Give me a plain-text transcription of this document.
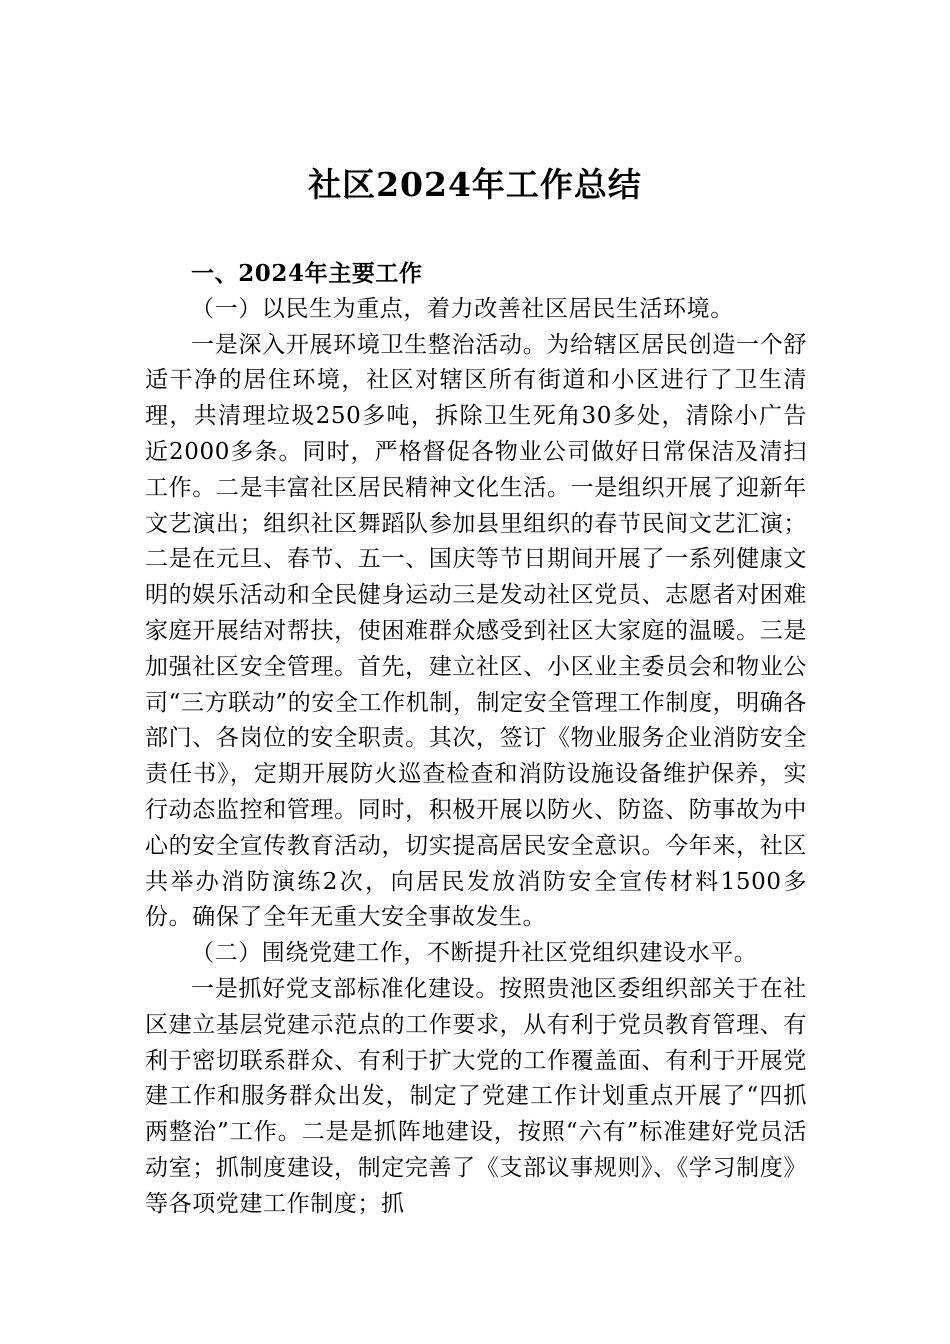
社区2024年工作总结

一、2024年主要工作

（一）以民生为重点，着力改善社区居民生活环境。

一是深入开展环境卫生整治活动。为给辖区居民创造一个舒适干净的居住环境，社区对辖区所有街道和小区进行了卫生清理，共清理垃圾250多吨，拆除卫生死角30多处，清除小广告近2000多条。同时，严格督促各物业公司做好日常保洁及清扫工作。二是丰富社区居民精神文化生活。一是组织开展了迎新年文艺演出；组织社区舞蹈队参加县里组织的春节民间文艺汇演；二是在元旦、春节、五一、国庆等节日期间开展了一系列健康文明的娱乐活动和全民健身运动三是发动社区党员、志愿者对困难家庭开展结对帮扶，使困难群众感受到社区大家庭的温暖。三是加强社区安全管理。首先，建立社区、小区业主委员会和物业公司“三方联动”的安全工作机制，制定安全管理工作制度，明确各部门、各岗位的安全职责。其次，签订《物业服务企业消防安全责任书》，定期开展防火巡查检查和消防设施设备维护保养，实行动态监控和管理。同时，积极开展以防火、防盗、防事故为中心的安全宣传教育活动，切实提高居民安全意识。今年来，社区共举办消防演练2次，向居民发放消防安全宣传材料1500多份。确保了全年无重大安全事故发生。

（二）围绕党建工作，不断提升社区党组织建设水平。

一是抓好党支部标准化建设。按照贵池区委组织部关于在社区建立基层党建示范点的工作要求，从有利于党员教育管理、有利于密切联系群众、有利于扩大党的工作覆盖面、有利于开展党建工作和服务群众出发，制定了党建工作计划重点开展了“四抓两整治”工作。二是是抓阵地建设，按照“六有”标准建好党员活动室；抓制度建设，制定完善了《支部议事规则》、《学习制度》等各项党建工作制度；抓
